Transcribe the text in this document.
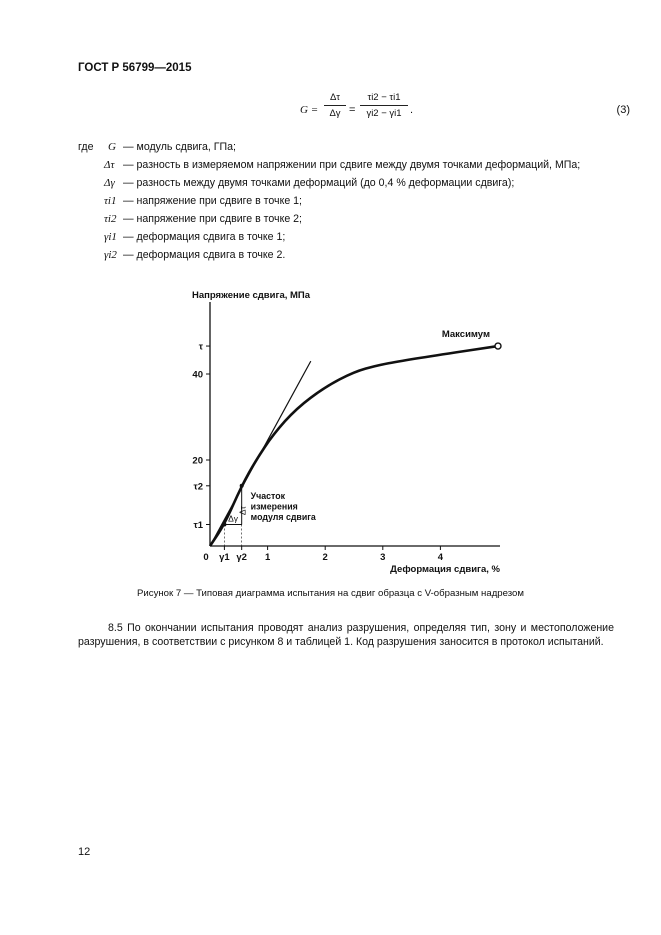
ГОСТ Р 56799—2015
G =
Δτ
Δγ =
τi2 − τi1
γi2 − γi1 .	(3)
где G — модуль сдвига, ГПа;
Δτ — разность в измеряемом напряжении при сдвиге между двумя точками деформаций, МПа;
Δγ — разность между двумя точками деформаций (до 0,4 % деформации сдвига);
τi1 — напряжение при сдвиге в точке 1;
τi2 — напряжение при сдвиге в точке 2;
γi1 — деформация сдвига в точке 1;
γi2 — деформация сдвига в точке 2.
0 γ1 γ2 1	2	3	4
τ1
τ2
20
40
τ
Максимум
Δτ
Δγ
Участок измерения модуля сдвига
Напряжение сдвига, МПа
Деформация сдвига, %
Рисунок 7 — Типовая диаграмма испытания на сдвиг образца с V-образным надрезом
8.5 По окончании испытания проводят анализ разрушения, определяя тип, зону и местоположение разрушения, в соответствии с рисунком 8 и таблицей 1. Код разрушения заносится в протокол испытаний.
12
